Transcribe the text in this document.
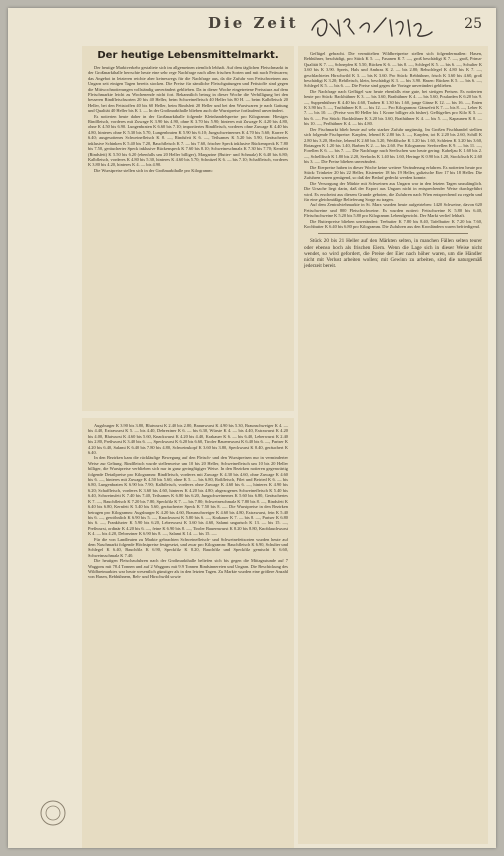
Die Zeit	25
Der heutige Lebensmittelmarkt.

Der heutige Marktverkehr gestaltete sich im allgemeinen ziemlich lebhaft. Auf dem täglichen Fleischmarkt in der Großmarkthalle herrschte heute eine sehr rege Nachfrage nach allen frischen Sorten und mit nach Fettwaren; das Angebot in letzteren reichte aber keineswegs für die Nachfrage aus, da die Zufuhr von Fettschweinen aus Ungarn seit einigen Tagen bereits stocken. Die Preise für sämtliche Fleischgattungen und Fettstoffe sind gegen die Mittwochnotierungen vollständig unverändert geblieben. Da in dieser Woche eingetretene Preissturz auf dem Fleischmarkte leicht zu Wochenende nicht fort. Bekanntlich betrug in dieser Woche die Verbilligung bei den besseren Rindfleischsorten 20 bis 40 Heller, beim Schweinefleisch 40 Heller bis 80 H. — beim Kalbfleisch 20 Heller, bei den Fettstoffen 40 bis 60 Heller, beim Rindsfett 20 Heller und bei den Wurstwaren je nach Gattung und Qualität 40 Heller bis K 1. — In der Großmarkthalle blieben auch die Wurstpreise fortlaufend unverändert.

Es notierten heute daher in der Großmarkthalle folgende Kleinhandelspreise pro Kilogramm: Hiesiges Rindfleisch, vorderes mit Zuwage K 3.90 bis 4.90, ohne K 3.70 bis 5.90; hinteres mit Zuwage K 4.20 bis 4.80, ohne K 4.50 bis 6.90. Lungenbraten K 6.60 bis 7.10; importiertes Rindfleisch, vorderes ohne Zuwage K 4.40 bis 4.80, hinteres ohne K 5.30 bis 5.70, Lungenbraten K 5.90 bis 6.10; Jungschweinernes K 4.70 bis 5.60; Karree K 6.40; ausgesottenes Schweinefleisch K 8. —, Rindsfett K 6. —, Teilsames K 5.20 bis 5.90, Geräuchertes inklusive Schinken K 5.40 bis 7.20, Bauchfleisch K 7. — bis 7.60, frischer Speck inklusive Rückenspeck K 7.80 bis 7.50, geräucherter Speck inklusive Rückenspeck K 7.60 bis 8.10; Schweineschmalz K 7.30 bis 7.70; Kernfett (Rindsfett) K 5.50 bis 6.20 (ebenfalls um 20 Heller billiger), Margarine (Butter- und Schmalz) K 6.40 bis 6.80; Kalbfleisch, vorderes K 4.80 bis 5.30, hinteres K 4.60 bis 5.70; Schnitzel K 6. — bis 7.10; Schaffleisch, vorderes K 3.80 bis 4.20, hinteres K 4. — bis 4.90.

Die Wurstpreise stellen sich in der Großmarkthalle pro Kilogramm:

Augsburger K 3.90 bis 3.80, Blutwurst K 2.40 bis 2.80, Braunwurst K 4.90 bis 5.30, Braunschweiger K 4. — bis 4.40, Extrawurst K 5. — bis 4.40, Debreziner K 6. — bis 6.30, Würste K 4. — bis 4.40, Extrawurst K 4.20 bis 4.00, Blutwurst K 4.60 bis 5.60, Knackwurst K 4.20 bis 4.40, Krakauer K 6. — bis 6.40, Leberwurst K 2.40 bis 2.80, Preßwurst K 3.40 bis 6. —, Speckwurst K 6.20 bis 6.60, Tiroler Bauernwurst K 6.40 bis 6. —, Pariser K 4.20 bis 6.40, Salami K 6.40 bis 7.80 bis 4.80, Schweinskopf K 3.60 bis 3.80, Speckwurst K 8.40, geräuchert K 6.40.

In den Bezirken kam die rückläufige Bewegung auf den Fleisch- und den Wurstpreisen nur in verminderter Weise zur Geltung. Rindfleisch wurde stellenweise um 10 bis 20 Heller, Schweinefleisch um 10 bis 20 Heller billiger, die Wurstpreise verblieben sich nur in ganz geringfügiger Weise. In den Bezirken notieren gegenwärtig folgende Detailpreise pro Kilogramm: Rindfleisch, vorderes mit Zuwage K 4.30 bis 4.60, ohne Zuwage K 4.60 bis 6. —, hinteres mit Zuwage K 4.50 bis 5.60, ohne K 5. — bis 6.80, Roßfleisch, Filet und Beiried K 6. — bis 6.80, Lungenbraten K 6.90 bis 7.90; Kalbfleisch, vorderes ohne Zuwage K 4.60 bis 6. —, hinteres K 4.90 bis 6.20; Schaffleisch, vorderes K 3.60 bis 4.60, hinteres K 4.20 bis 4.80; abgezogenes Schweinefleisch K 5.40 bis 6.40, Schweinsfett K 7.40 bis 7.40, Teilsames K 6.80 bis 6.20, Jungschweinernes K 5.60 bis 6.80, Geräuchertes K 7. —, Bauchfleisch K 7.20 bis 7.80, Speckfilz K 7. — bis 7.80; Schweineschmalz K 7.80 bis 8. —, Rindsfett K 6.40 bis 6.80, Kernfett K 5.40 bis 5.60, geräucherter Speck K 7.50 bis 8. —. Die Wurstpreise in den Bezirken betragen pro Kilogramm: Augsburger K 4.20 bis 4.60, Braunschweiger K 4.60 bis 4.80, Extrawurst, fein K 5.40 bis 6. —, gewöhnlich K 6.90 bis 5. —, Knackwurst K 5.80 bis 6. —, Krakauer K 7. — bis 8. —, Pariser K 6.80 bis 6. —, Frankfurter K 5.90 bis 6.20, Leberwurst K 3.60 bis 4.60, Salami ungarisch K 13. — bis 15. —, Preßwurst, ordinär K 4.20 bis 6. —, feine K 6.90 bis 8. —, Tiroler Bauernwurst K 8.20 bis 8.80, Knoblauchwurst K 4. — bis 4.20, Debreziner K 6.90 bis 8. —, Salami K 14. — bis 15. —.

Für die von Landleuten zu Markte gebrachten Schweinefleisch- und Schweinefettsorten wurden heute auf dem Naschmarkt folgende Höchstpreise festgesetzt, und zwar pro Kilogramm: Bauchfleisch K 6.90, Schulter und Schlegel K 6.40, Bauchfilz K 6.90, Speckfilz K 8.20, Bauchfilz und Speckfilz gemischt K 6.60, Schweinsschmalz K 7.40.

Die heutigen Fleischzufuhren nach der Großmarkthalle beliefen sich bis gegen die Mittagsstunde auf 7 Waggons mit 78.4 Tonnen und auf 2 Waggons mit 9.9 Tonnen Rindsinnereien und Ungarn. Die Beschickung des Wildbretmarktes war heute wesentlich günstiger als in den letzten Tagen. Zu Markte wurden eine größere Anzahl von Hasen, Rebhühnern, Reh- und Hirschwild sowie

Geflügel gebracht. Die vermittelten Wildbretpreise stellen sich folgendermaßen: Hasen, Rebhühner, beschädigt, pro Stück K 5. —, Fasanen K 7. —, groß beschädigt K 7. —, groß, Prima-Qualität K 7. —, Schnepfen K 5.50, Rücken K 6. — bis 8. —, Schlegel K 5. — bis 6. —, Schulter K 3.60 bis K 3.90. Spreis, Hals und Ambras K 2. — bis 2.80; Rehschlegel K 4.80 bis K 7. —, geschlachtetes Hirschwild K 3. — bis K 3.60. Pro Stück: Rebhühner, frisch K 3.60 bis 4.60, groß beschädigt K 3.20; Rehfleisch, klein, beschädigt K 3. — bis 3.90. Hasen: Rücken K 5. — bis 6. —, Schlegel K 5. — bis 6. —. Die Preise sind gegen die Vortage unverändert geblieben.

Die Nachfrage nach Geflügel war heute ebenfalls eine gute, bei stetigen Preisen. Es notierten heute pro Stück: Backhühner K 3. — bis 3.60, Brathühner K 4. — bis 5.60, Poularden K 6.20 bis 9. —, Suppenhühner K 4.40 bis 4.60, Tauben K 1.30 bis 1.60, junge Gänse K 12. — bis 16. —, Enten K 3.90 bis 5. —, Truthühner K 8. — bis 12. —. Pro Kilogramm: Gänsefett K 7. — bis 8. —, Leber K 7. — bis 10. — (Preise von 80 Heller bis 1 Krone billiger als bisher). Geflügeltes pro Kilo K 5. — bis 6. —. Pro Stück: Backhühner K 3.20 bis 3.60, Brathühner K 4. — bis 5. —, Kapaunen K 8. — bis 10. —, Perlhühner K 4. — bis 4.80.

Der Fischmarkt blieb heute auf sehr starker Zufuhr ungünstig. Im Großen Fischhandel stellten sich folgende Fischpreise: Karpfen, lebend K 2.80 bis 3. —, Karpfen, tot K 2.20 bis 2.60, Schill K 2.80 bis 3.20, Hechte, lebend K 2.60 bis 3.20, Weißfische K 1.20 bis 1.60, Schleien K 3.20 bis 3.60, Rotaugen K 1.20 bis 1.40, Barben K 2. — bis 2.60. Pro Kilogramm: Seeforellen K 9. — bis 11. —, Forellen K 6. — bis 7. —. Die Nachfrage nach Seefischen war heute gering: Kabeljau K 1.60 bis 2. —, Schellfisch K 1.80 bis 2.20, Seelachs K 1.40 bis 1.60, Heringe K 0.90 bis 1.20, Stockfisch K 2.60 bis 3. —. Die Preise blieben unverändert.

Die Eierpreise haben in dieser Woche keine weitere Veränderung erfahren. Es notierten heute pro Stück: Trinkeier 20 bis 22 Heller, Kisteneier 18 bis 19 Heller, galizische Eier 17 bis 18 Heller. Die Zufuhren waren genügend, so daß der Bedarf gedeckt werden konnte.

Die Versorgung der Märkte mit Schweinen aus Ungarn war in den letzten Tagen unzulänglich. Die Ursache liegt darin, daß der Export aus Ungarn nicht in entsprechender Weise durchgeführt wird. Es erscheint aus diesem Grunde geboten, die Zufuhren nach Wien entsprechend zu regeln und für eine gleichmäßige Belieferung Sorge zu tragen.

Auf dem Zentralviehmarkte in St. Marx wurden heute aufgetrieben: 1420 Schweine, davon 620 Fettschweine und 800 Fleischschweine. Es wurden notiert: Fettschweine K 5.80 bis 6.40, Fleischschweine K 5.20 bis 5.80 pro Kilogramm Lebendgewicht. Der Markt verlief lebhaft.

Die Butterpreise blieben unverändert: Teebutter K 7.80 bis 8.40, Tafelbutter K 7.20 bis 7.60, Kochbutter K 6.40 bis 6.80 pro Kilogramm. Die Zufuhren aus den Kronländern waren befriedigend.

Stück 20 bis 21 Heller auf den Märkten selten, in manchen Fällen selten teurer oder ebenso hoch als frischen Eiern. Wenn die Lage sich in dieser Weise nicht wendet, so wird gefordert, die Preise der Eier nach höher waren, um die Händler nicht mit Verlust arbeiten wollen; mit Gewinn zu arbeiten, sind die naturgemäß jederzeit bereit.
